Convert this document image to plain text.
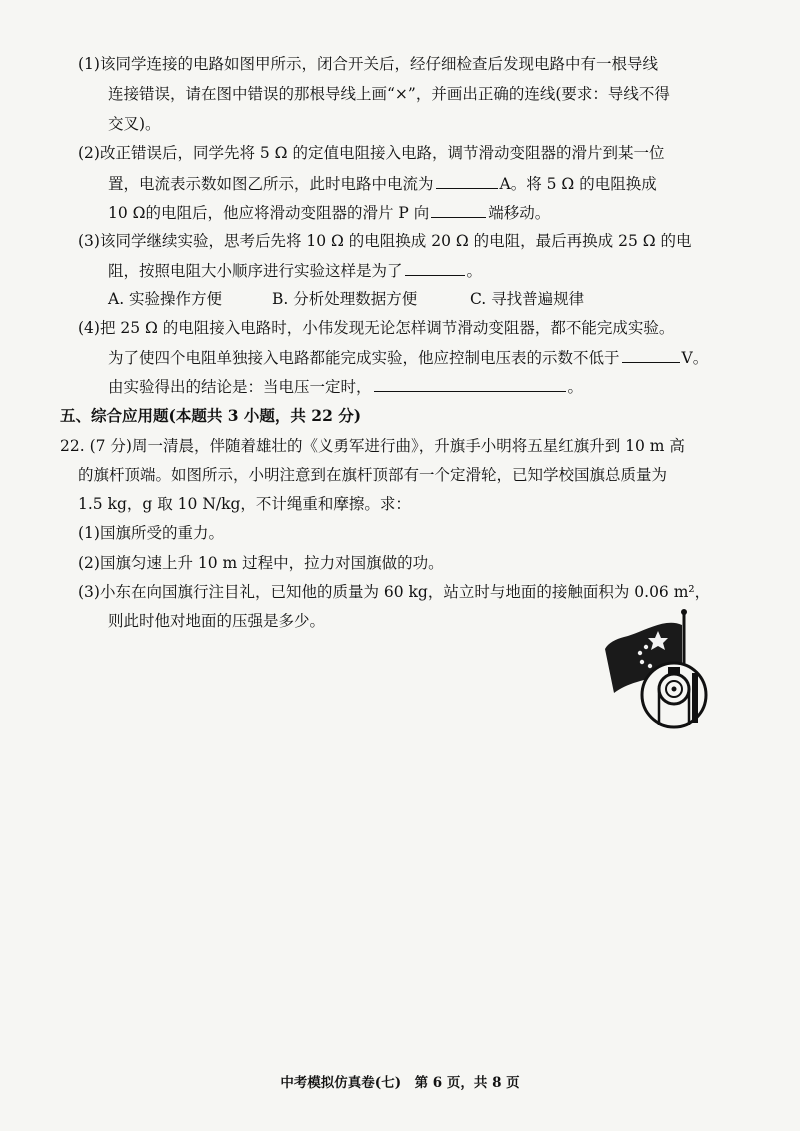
(1)该同学连接的电路如图甲所示，闭合开关后，经仔细检查后发现电路中有一根导线
连接错误，请在图中错误的那根导线上画“×”，并画出正确的连线(要求：导线不得
交叉)。
(2)改正错误后，同学先将 5 Ω 的定值电阻接入电路，调节滑动变阻器的滑片到某一位
置，电流表示数如图乙所示，此时电路中电流为	A。将 5 Ω 的电阻换成
10 Ω的电阻后，他应将滑动变阻器的滑片 P 向	端移动。
(3)该同学继续实验，思考后先将 10 Ω 的电阻换成 20 Ω 的电阻，最后再换成 25 Ω 的电
阻，按照电阻大小顺序进行实验这样是为了	。
A. 实验操作方便	B. 分析处理数据方便	C. 寻找普遍规律
(4)把 25 Ω 的电阻接入电路时，小伟发现无论怎样调节滑动变阻器，都不能完成实验。
为了使四个电阻单独接入电路都能完成实验，他应控制电压表的示数不低于	V。
由实验得出的结论是：当电压一定时，	。
五、综合应用题(本题共 3 小题，共 22 分)
22. (7 分)周一清晨，伴随着雄壮的《义勇军进行曲》，升旗手小明将五星红旗升到 10 m 高
的旗杆顶端。如图所示，小明注意到在旗杆顶部有一个定滑轮，已知学校国旗总质量为
1.5 kg，g 取 10 N/kg，不计绳重和摩擦。求：
(1)国旗所受的重力。
(2)国旗匀速上升 10 m 过程中，拉力对国旗做的功。
(3)小东在向国旗行注目礼，已知他的质量为 60 kg，站立时与地面的接触面积为 0.06 m²，
则此时他对地面的压强是多少。
中考模拟仿真卷(七)　第 6 页，共 8 页
